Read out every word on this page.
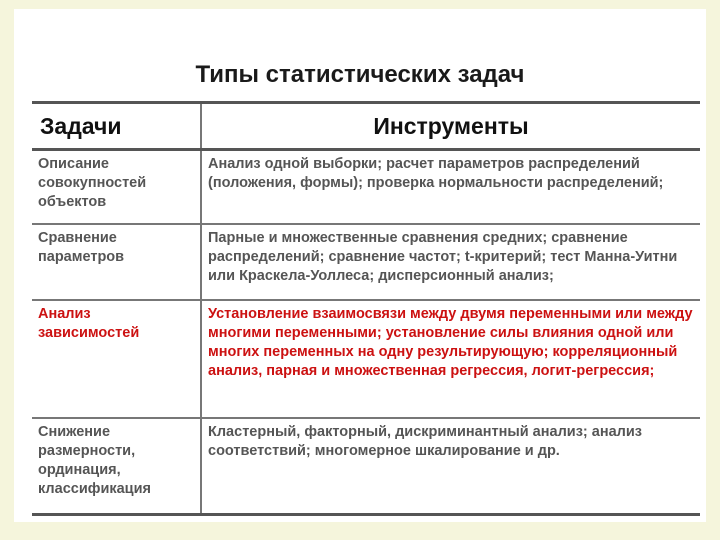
Типы статистических задач
Задачи	Инструменты
Описание совокупностей объектов	Анализ одной выборки; расчет параметров распределений (положения, формы); проверка нормальности распределений;
Сравнение параметров	Парные и множественные сравнения средних; сравнение распределений; сравнение частот; t-критерий; тест Манна-Уитни или Краскела-Уоллеса; дисперсионный анализ;
Анализ зависимостей	Установление взаимосвязи между двумя переменными или между многими переменными; установление силы влияния одной или многих переменных на одну результирующую; корреляционный анализ, парная и множественная регрессия, логит-регрессия;
Снижение размерности, ординация, классификация	Кластерный, факторный, дискриминантный анализ; анализ соответствий; многомерное шкалирование и др.
